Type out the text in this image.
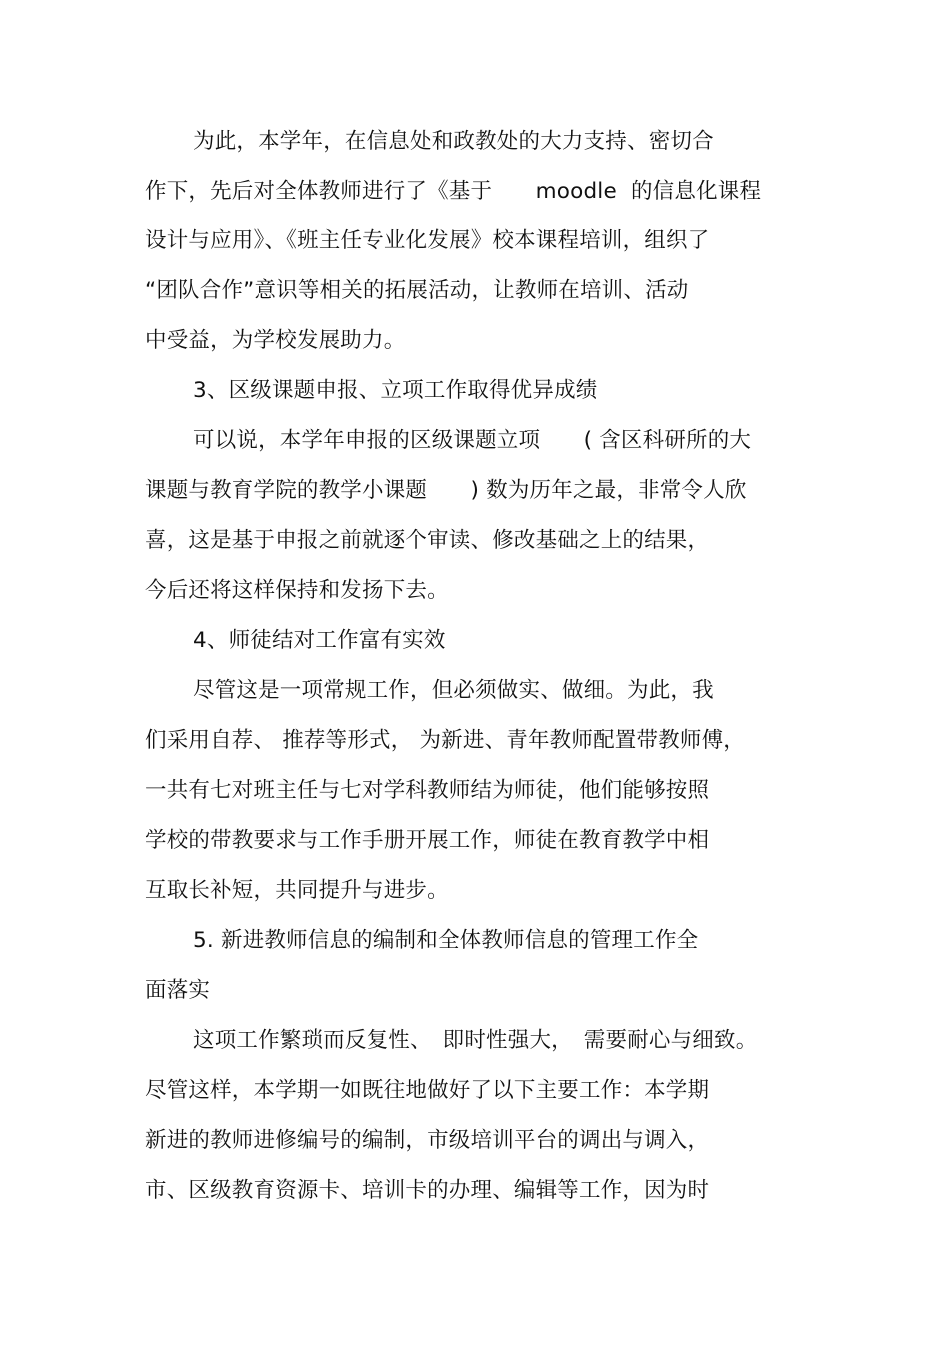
为此，本学年，在信息处和政教处的大力支持、密切合
作下，先后对全体教师进行了《基于　　moodle  的信息化课程
设计与应用》、《班主任专业化发展》校本课程培训，组织了
“团队合作”意识等相关的拓展活动，让教师在培训、活动
中受益，为学校发展助力。
3、区级课题申报、立项工作取得优异成绩
可以说，本学年申报的区级课题立项　　( 含区科研所的大
课题与教育学院的教学小课题　　) 数为历年之最，非常令人欣
喜，这是基于申报之前就逐个审读、修改基础之上的结果，
今后还将这样保持和发扬下去。
4、师徒结对工作富有实效
尽管这是一项常规工作，但必须做实、做细。为此，我
们采用自荐、 推荐等形式， 为新进、青年教师配置带教师傅，
一共有七对班主任与七对学科教师结为师徒，他们能够按照
学校的带教要求与工作手册开展工作，师徒在教育教学中相
互取长补短，共同提升与进步。
5. 新进教师信息的编制和全体教师信息的管理工作全
面落实
这项工作繁琐而反复性、　即时性强大，　需要耐心与细致。
尽管这样，本学期一如既往地做好了以下主要工作：本学期
新进的教师进修编号的编制，市级培训平台的调出与调入，
市、区级教育资源卡、培训卡的办理、编辑等工作，因为时
